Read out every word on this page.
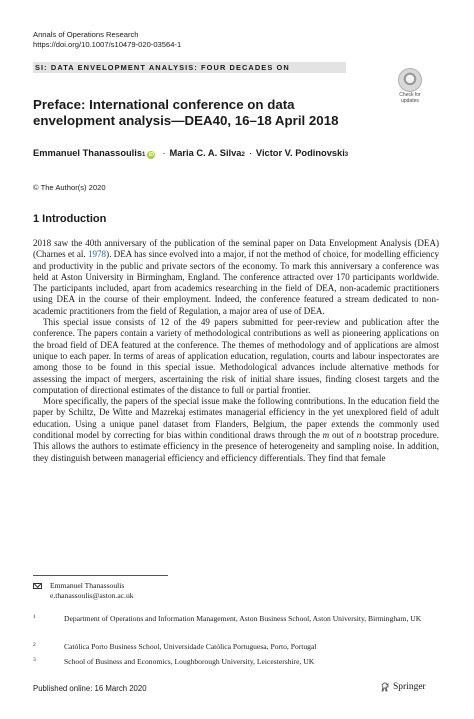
Annals of Operations Research
https://doi.org/10.1007/s10479-020-03564-1
SI: DATA ENVELOPMENT ANALYSIS: FOUR DECADES ON
Check for
updates
Preface: International conference on data envelopment analysis—DEA40, 16–18 April 2018
Emmanuel Thanassoulis$_1$ iD · Maria C. A. Silva$_2$ · Victor V. Podinovski$_3$
© The Author(s) 2020
1 Introduction

2018 saw the 40th anniversary of the publication of the seminal paper on Data Envelopment Analysis (DEA) (Charnes et al. 1978). DEA has since evolved into a major, if not the method of choice, for modelling efficiency and productivity in the public and private sectors of the economy. To mark this anniversary a conference was held at Aston University in Birmingham, England. The conference attracted over 170 participants worldwide. The participants included, apart from academics researching in the field of DEA, non-academic practitioners using DEA in the course of their employment. Indeed, the conference featured a stream dedicated to non-academic practitioners from the field of Regulation, a major area of use of DEA.

This special issue consists of 12 of the 49 papers submitted for peer-review and publication after the conference. The papers contain a variety of methodological contributions as well as pioneering applications on the broad field of DEA featured at the conference. The themes of methodology and of applications are almost unique to each paper. In terms of areas of application education, regulation, courts and labour inspectorates are among those to be found in this special issue. Methodological advances include alternative methods for assessing the impact of mergers, ascertaining the risk of initial share issues, finding closest targets and the computation of directional estimates of the distance to full or partial frontier.

More specifically, the papers of the special issue make the following contributions. In the education field the paper by Schiltz, De Witte and Mazrekaj estimates managerial efficiency in the yet unexplored field of adult education. Using a unique panel dataset from Flanders, Belgium, the paper extends the commonly used conditional model by correcting for bias within conditional draws through the m out of n bootstrap procedure. This allows the authors to estimate efficiency in the presence of heterogeneity and sampling noise. In addition, they distinguish between managerial efficiency and efficiency differentials. They find that female

Emmanuel Thanassoulis
e.thanassoulis@aston.ac.uk
1	Department of Operations and Information Management, Aston Business School, Aston University, Birmingham, UK
2	Católica Porto Business School, Universidade Católica Portuguesa, Porto, Portugal
3	School of Business and Economics, Loughborough University, Leicestershire, UK
Published online: 16 March 2020	Springer
